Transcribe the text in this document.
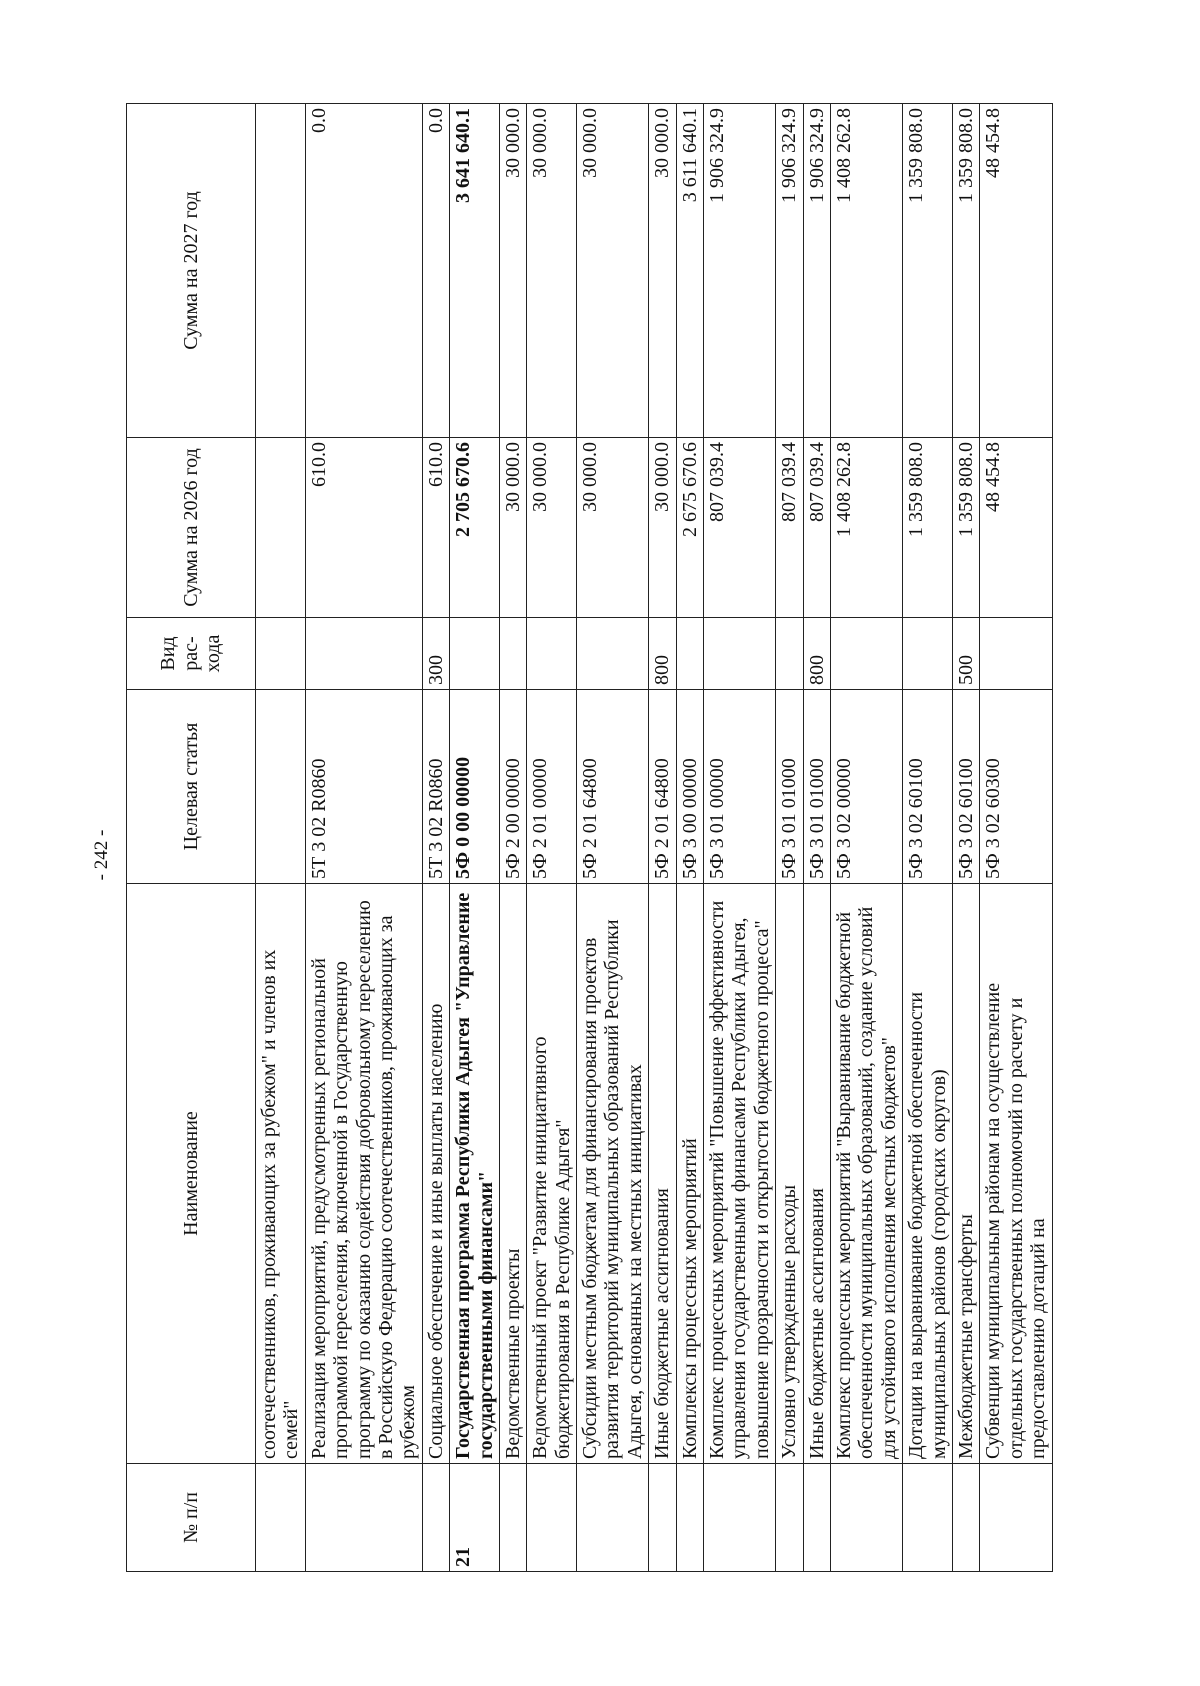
- 242 -
№ п/п	Наименование	Целевая статья	Вид рас- хода	Сумма на 2026 год	Сумма на 2027 год
	соотечественников, проживающих за рубежом" и членов их семей"				
	Реализация мероприятий, предусмотренных региональной программой переселения, включенной в Государственную программу по оказанию содействия добровольному переселению в Российскую Федерацию соотечественников, проживающих за рубежом	5Т 3 02 R0860		610.0	0.0
	Социальное обеспечение и иные выплаты населению	5Т 3 02 R0860	300	610.0	0.0
21	Государственная программа Республики Адыгея "Управление государственными финансами"	5Ф 0 00 00000		2 705 670.6	3 641 640.1
	Ведомственные проекты	5Ф 2 00 00000		30 000.0	30 000.0
	Ведомственный проект "Развитие инициативного бюджетирования в Республике Адыгея"	5Ф 2 01 00000		30 000.0	30 000.0
	Субсидии местным бюджетам для финансирования проектов развития территорий муниципальных образований Республики Адыгея, основанных на местных инициативах	5Ф 2 01 64800		30 000.0	30 000.0
	Иные бюджетные ассигнования	5Ф 2 01 64800	800	30 000.0	30 000.0
	Комплексы процессных мероприятий	5Ф 3 00 00000		2 675 670.6	3 611 640.1
	Комплекс процессных мероприятий "Повышение эффективности управления государственными финансами Республики Адыгея, повышение прозрачности и открытости бюджетного процесса"	5Ф 3 01 00000		807 039.4	1 906 324.9
	Условно утвержденные расходы	5Ф 3 01 01000		807 039.4	1 906 324.9
	Иные бюджетные ассигнования	5Ф 3 01 01000	800	807 039.4	1 906 324.9
	Комплекс процессных мероприятий "Выравнивание бюджетной обеспеченности муниципальных образований, создание условий для устойчивого исполнения местных бюджетов"	5Ф 3 02 00000		1 408 262.8	1 408 262.8
	Дотации на выравнивание бюджетной обеспеченности муниципальных районов (городских округов)	5Ф 3 02 60100		1 359 808.0	1 359 808.0
	Межбюджетные трансферты	5Ф 3 02 60100	500	1 359 808.0	1 359 808.0
	Субвенции муниципальным районам на осуществление отдельных государственных полномочий по расчету и предоставлению дотаций на	5Ф 3 02 60300		48 454.8	48 454.8
